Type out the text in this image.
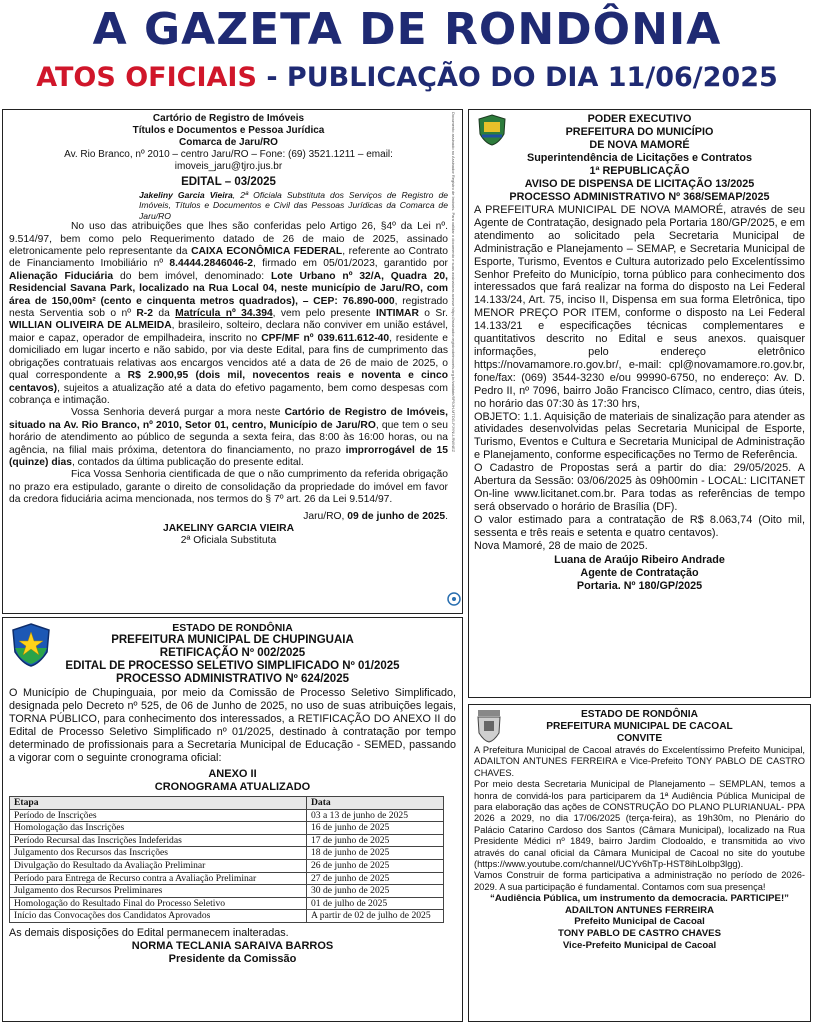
A GAZETA DE RONDÔNIA
ATOS OFICIAIS - PUBLICAÇÃO DO DIA 11/06/2025
Cartório de Registro de Imóveis
Títulos e Documentos e Pessoa Jurídica
Comarca de Jaru/RO
Av. Rio Branco, nº 2010 – centro Jaru/RO – Fone: (69) 3521.1211 – email:
imoveis_jaru@tjro.jus.br
EDITAL – 03/2025
Jakeliny Garcia Vieira, 2ª Oficiala Substituta dos Serviços de Registro de Imóveis, Títulos e Documentos e Civil das Pessoas Jurídicas da Comarca de Jaru/RO
No uso das atribuições que lhes são conferidas pelo Artigo 26, §4º da Lei nº. 9.514/97, bem como pelo Requerimento datado de 26 de maio de 2025, assinado eletronicamente pelo representante da CAIXA ECONÔMICA FEDERAL, referente ao Contrato de Financiamento Imobiliário nº 8.4444.2846046-2, firmado em 05/01/2023, garantido por Alienação Fiduciária do bem imóvel, denominado: Lote Urbano nº 32/A, Quadra 20, Residencial Savana Park, localizado na Rua Local 04, neste município de Jaru/RO, com área de 150,00m² (cento e cinquenta metros quadrados), – CEP: 76.890-000, registrado nesta Serventia sob o nº R-2 da Matrícula nº 34.394, vem pelo presente INTIMAR o Sr. WILLIAN OLIVEIRA DE ALMEIDA, brasileiro, solteiro, declara não conviver em união estável, maior e capaz, operador de empilhadeira, inscrito no CPF/MF nº 039.611.612-40, residente e domiciliado em lugar incerto e não sabido, por via deste Edital, para fins de cumprimento das obrigações contratuais relativas aos encargos vencidos até a data de 26 de maio de 2025, o qual correspondente a R$ 2.900,95 (dois mil, novecentos reais e noventa e cinco centavos), sujeitos a atualização até a data do efetivo pagamento, bem como despesas com cobrança e intimação.
Vossa Senhoria deverá purgar a mora neste Cartório de Registro de Imóveis, situado na Av. Rio Branco, nº 2010, Setor 01, centro, Município de Jaru/RO, que tem o seu horário de atendimento ao público de segunda a sexta feira, das 8:00 às 16:00 horas, ou na agência, na filial mais próxima, detentora do financiamento, no prazo improrrogável de 15 (quinze) dias, contados da última publicação do presente edital.
Fica Vossa Senhoria cientificada de que o não cumprimento da referida obrigação no prazo era estipulado, garante o direito de consolidação da propriedade do imóvel em favor da credora fiduciária acima mencionada, nos termos do § 7º art. 26 da Lei 9.514/97.
Jaru/RO, 09 de junho de 2025.
JAKELINY GARCIA VIEIRA
2ª Oficiala Substituta
Documento assinado no Assinador Registro de Imóveis. Para validar o documento e suas assinaturas acesse https://assinador.registrodeimoveis.org.br/validate/9P9JH-MTDG-PJYNU-RWNEZ
ESTADO DE RONDÔNIA
PREFEITURA MUNICIPAL DE CHUPINGUAIA
RETIFICAÇÃO Nº 002/2025
EDITAL DE PROCESSO SELETIVO SIMPLIFICADO Nº 01/2025
PROCESSO ADMINISTRATIVO Nº 624/2025
O Município de Chupinguaia, por meio da Comissão de Processo Seletivo Simplificado, designada pelo Decreto nº 525, de 06 de Junho de 2025, no uso de suas atribuições legais, TORNA PÚBLICO, para conhecimento dos interessados, a RETIFICAÇÃO DO ANEXO II do Edital de Processo Seletivo Simplificado nº 01/2025, destinado à contratação por tempo determinado de profissionais para a Secretaria Municipal de Educação - SEMED, passando a vigorar com o seguinte cronograma oficial:
ANEXO II
CRONOGRAMA ATUALIZADO
Etapa	Data
Período de Inscrições	03 a 13 de junho de 2025
Homologação das Inscrições	16 de junho de 2025
Período Recursal das Inscrições Indeferidas	17 de junho de 2025
Julgamento dos Recursos das Inscrições	18 de junho de 2025
Divulgação do Resultado da Avaliação Preliminar	26 de junho de 2025
Período para Entrega de Recurso contra a Avaliação Preliminar	27 de junho de 2025
Julgamento dos Recursos Preliminares	30 de junho de 2025
Homologação do Resultado Final do Processo Seletivo	01 de julho de 2025
Início das Convocações dos Candidatos Aprovados	A partir de 02 de julho de 2025
As demais disposições do Edital permanecem inalteradas.
NORMA TECLANIA SARAIVA BARROS
Presidente da Comissão
PODER EXECUTIVO
PREFEITURA DO MUNICÍPIO
DE NOVA MAMORÉ
Superintendência de Licitações e Contratos
1ª REPUBLICAÇÃO
AVISO DE DISPENSA DE LICITAÇÃO 13/2025
PROCESSO ADMINISTRATIVO Nº 368/SEMAP/2025
A PREFEITURA MUNICIPAL DE NOVA MAMORÉ, através de seu Agente de Contratação, designado pela Portaria 180/GP/2025, e em atendimento ao solicitado pela Secretaria Municipal de Administração e Planejamento – SEMAP, e Secretaria Municipal de Esporte, Turismo, Eventos e Cultura autorizado pelo Excelentíssimo Senhor Prefeito do Município, torna público para conhecimento dos interessados que fará realizar na forma do disposto na Lei Federal 14.133/24, Art. 75, inciso II, Dispensa em sua forma Eletrônica, tipo MENOR PREÇO POR ITEM, conforme o disposto na Lei Federal 14.133/21 e especificações técnicas complementares e quantitativos descrito no Edital e seus anexos. quaisquer informações, pelo endereço eletrônico https://novamamore.ro.gov.br/, e-mail: cpl@novamamore.ro.gov.br, fone/fax: (069) 3544-3230 e/ou 99990-6750, no endereço: Av. D. Pedro II, nº 7096, bairro João Francisco Clímaco, centro, dias úteis, no horário das 07:30 às 17:30 hrs,
OBJETO: 1.1. Aquisição de materiais de sinalização para atender as atividades desenvolvidas pelas Secretaria Municipal de Esporte, Turismo, Eventos e Cultura e Secretaria Municipal de Administração e Planejamento, conforme especificações no Termo de Referência.
O Cadastro de Propostas será a partir do dia: 29/05/2025. A Abertura da Sessão: 03/06/2025 às 09h00min - LOCAL: LICITANET On-line www.licitanet.com.br. Para todas as referências de tempo será observado o horário de Brasília (DF).
O valor estimado para a contratação de R$ 8.063,74 (Oito mil, sessenta e três reais e setenta e quatro centavos).
Nova Mamoré, 28 de maio de 2025.
Luana de Araújo Ribeiro Andrade
Agente de Contratação
Portaria. Nº 180/GP/2025
ESTADO DE RONDÔNIA
PREFEITURA MUNICIPAL DE CACOAL
CONVITE
A Prefeitura Municipal de Cacoal através do Excelentíssimo Prefeito Municipal, ADAILTON ANTUNES FERREIRA e Vice-Prefeito TONY PABLO DE CASTRO CHAVES.
Por meio desta Secretaria Municipal de Planejamento – SEMPLAN, temos a honra de convidá-los para participarem da 1ª Audiência Pública Municipal de para elaboração das ações de CONSTRUÇÃO DO PLANO PLURIANUAL- PPA 2026 a 2029, no dia 17/06/2025 (terça-feira), as 19h30m, no Plenário do Palácio Catarino Cardoso dos Santos (Câmara Municipal), localizado na Rua Presidente Médici nº 1849, bairro Jardim Clodoaldo, e transmitida ao vivo através do canal oficial da Câmara Municipal de Cacoal no site do youtube (https://www.youtube.com/channel/UCYv6hTp-HST8ihLolbp3lgg).
Vamos Construir de forma participativa a administração no período de 2026-2029. A sua participação é fundamental. Contamos com sua presença!
“Audiência Pública, um instrumento da democracia. PARTICIPE!”
ADAILTON ANTUNES FERREIRA
Prefeito Municipal de Cacoal
TONY PABLO DE CASTRO CHAVES
Vice-Prefeito Municipal de Cacoal
